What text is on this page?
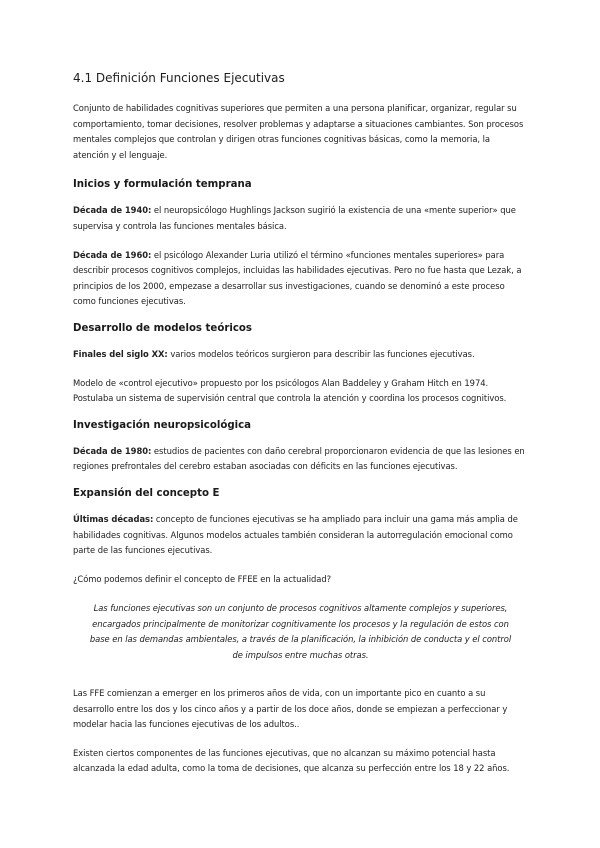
4.1 Definición Funciones Ejecutivas

Conjunto de habilidades cognitivas superiores que permiten a una persona planificar, organizar, regular su comportamiento, tomar decisiones, resolver problemas y adaptarse a situaciones cambiantes. Son procesos mentales complejos que controlan y dirigen otras funciones cognitivas básicas, como la memoria, la atención y el lenguaje.

Inicios y formulación temprana

Década de 1940: el neuropsicólogo Hughlings Jackson sugirió la existencia de una «mente superior» que supervisa y controla las funciones mentales básica.

Década de 1960: el psicólogo Alexander Luria utilizó el término «funciones mentales superiores» para describir procesos cognitivos complejos, incluidas las habilidades ejecutivas. Pero no fue hasta que Lezak, a principios de los 2000, empezase a desarrollar sus investigaciones, cuando se denominó a este proceso como funciones ejecutivas.

Desarrollo de modelos teóricos

Finales del siglo XX: varios modelos teóricos surgieron para describir las funciones ejecutivas.

Modelo de «control ejecutivo» propuesto por los psicólogos Alan Baddeley y Graham Hitch en 1974. Postulaba un sistema de supervisión central que controla la atención y coordina los procesos cognitivos.

Investigación neuropsicológica

Década de 1980: estudios de pacientes con daño cerebral proporcionaron evidencia de que las lesiones en regiones prefrontales del cerebro estaban asociadas con déficits en las funciones ejecutivas.

Expansión del concepto E

Últimas décadas: concepto de funciones ejecutivas se ha ampliado para incluir una gama más amplia de habilidades cognitivas. Algunos modelos actuales también consideran la autorregulación emocional como parte de las funciones ejecutivas.

¿Cómo podemos definir el concepto de FFEE en la actualidad?

Las funciones ejecutivas son un conjunto de procesos cognitivos altamente complejos y superiores, encargados principalmente de monitorizar cognitivamente los procesos y la regulación de estos con base en las demandas ambientales, a través de la planificación, la inhibición de conducta y el control de impulsos entre muchas otras.

Las FFE comienzan a emerger en los primeros años de vida, con un importante pico en cuanto a su desarrollo entre los dos y los cinco años y a partir de los doce años, donde se empiezan a perfeccionar y modelar hacia las funciones ejecutivas de los adultos..

Existen ciertos componentes de las funciones ejecutivas, que no alcanzan su máximo potencial hasta alcanzada la edad adulta, como la toma de decisiones, que alcanza su perfección entre los 18 y 22 años.
